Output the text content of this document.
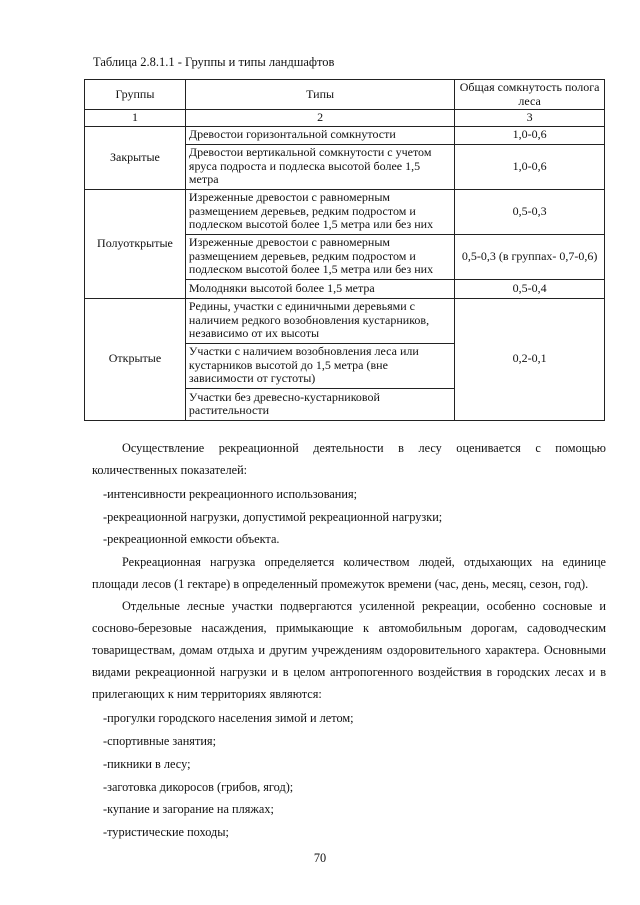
Таблица 2.8.1.1 - Группы и типы ландшафтов
Группы	Типы	Общая сомкнутость полога леса
1	2	3
Закрытые	Древостои горизонтальной сомкнутости	1,0-0,6
	Древостои вертикальной сомкнутости с учетом яруса подроста и подлеска высотой более 1,5 метра	1,0-0,6
Полуоткрытые	Изреженные древостои с равномерным размещением деревьев, редким подростом и подлеском высотой более 1,5 метра или без них	0,5-0,3
	Изреженные древостои с равномерным размещением деревьев, редким подростом и подлеском высотой более 1,5 метра или без них	0,5-0,3 (в группах- 0,7-0,6)
	Молодняки высотой более 1,5 метра	0,5-0,4
Открытые	Редины, участки с единичными деревьями с наличием редкого возобновления кустарников, независимо от их высоты	0,2-0,1
	Участки с наличием возобновления леса или кустарников высотой до 1,5 метра (вне зависимости от густоты)	
	Участки без древесно-кустарниковой растительности	

Осуществление рекреационной деятельности в лесу оценивается с помощью количественных показателей:

-интенсивности рекреационного использования;

-рекреационной нагрузки, допустимой рекреационной нагрузки;

-рекреационной емкости объекта.

Рекреационная нагрузка определяется количеством людей, отдыхающих на единице площади лесов (1 гектаре) в определенный промежуток времени (час, день, месяц, сезон, год).

Отдельные лесные участки подвергаются усиленной рекреации, особенно сосновые и сосново-березовые насаждения, примыкающие к автомобильным дорогам, садоводческим товариществам, домам отдыха и другим учреждениям оздоровительного характера. Основными видами рекреационной нагрузки и в целом антропогенного воздействия в городских лесах и в прилегающих к ним территориях являются:

-прогулки городского населения зимой и летом;

-спортивные занятия;

-пикники в лесу;

-заготовка дикоросов (грибов, ягод);

-купание и загорание на пляжах;

-туристические походы;

70
